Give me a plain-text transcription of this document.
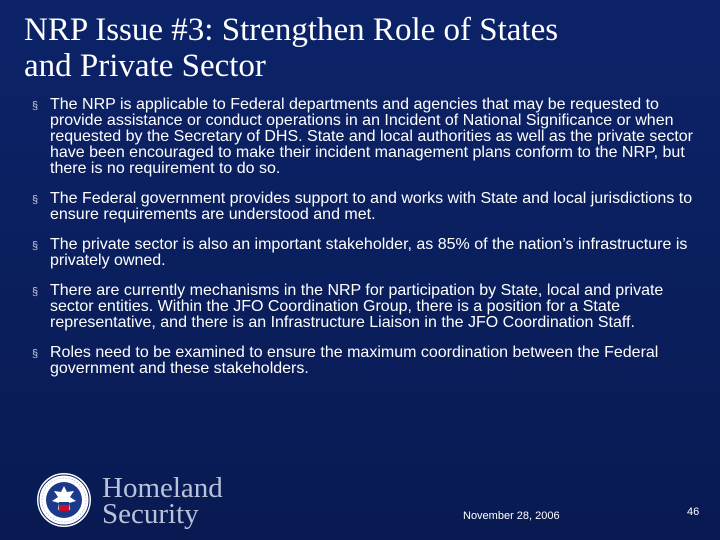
NRP Issue #3: Strengthen Role of States
and Private Sector
§ The NRP is applicable to Federal departments and agencies that may be requested to provide assistance or conduct operations in an Incident of National Significance or when requested by the Secretary of DHS. State and local authorities as well as the private sector have been encouraged to make their incident management plans conform to the NRP, but there is no requirement to do so.
§ The Federal government provides support to and works with State and local jurisdictions to ensure requirements are understood and met.
§ The private sector is also an important stakeholder, as 85% of the nation’s infrastructure is privately owned.
§ There are currently mechanisms in the NRP for participation by State, local and private sector entities. Within the JFO Coordination Group, there is a position for a State representative, and there is an Infrastructure Liaison in the JFO Coordination Staff.
§ Roles need to be examined to ensure the maximum coordination between the Federal government and these stakeholders.
Homeland
Security	November 28, 2006	46
